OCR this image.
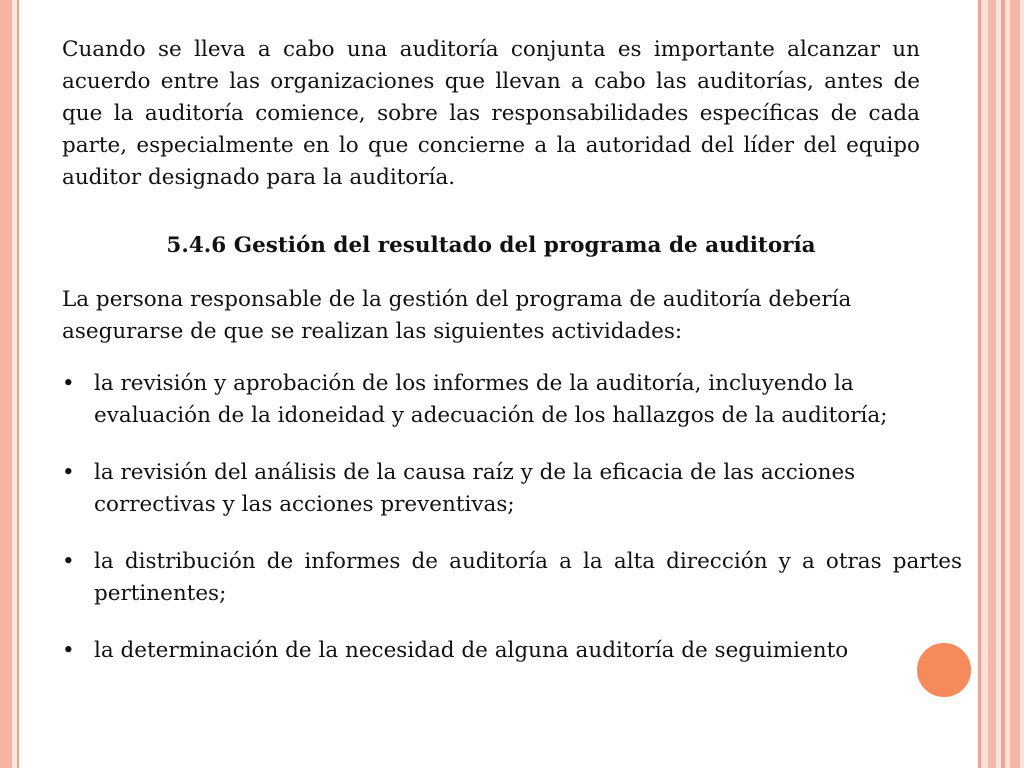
Cuando se lleva a cabo una auditoría conjunta es importante alcanzar un acuerdo entre las organizaciones que llevan a cabo las auditorías, antes de que la auditoría comience, sobre las responsabilidades específicas de cada parte, especialmente en lo que concierne a la autoridad del líder del equipo auditor designado para la auditoría.

5.4.6 Gestión del resultado del programa de auditoría

La persona responsable de la gestión del programa de auditoría debería asegurarse de que se realizan las siguientes actividades:

• la revisión y aprobación de los informes de la auditoría, incluyendo la evaluación de la idoneidad y adecuación de los hallazgos de la auditoría;
• la revisión del análisis de la causa raíz y de la eficacia de las acciones correctivas y las acciones preventivas;
• la distribución de informes de auditoría a la alta dirección y a otras partes pertinentes;
• la determinación de la necesidad de alguna auditoría de seguimiento
